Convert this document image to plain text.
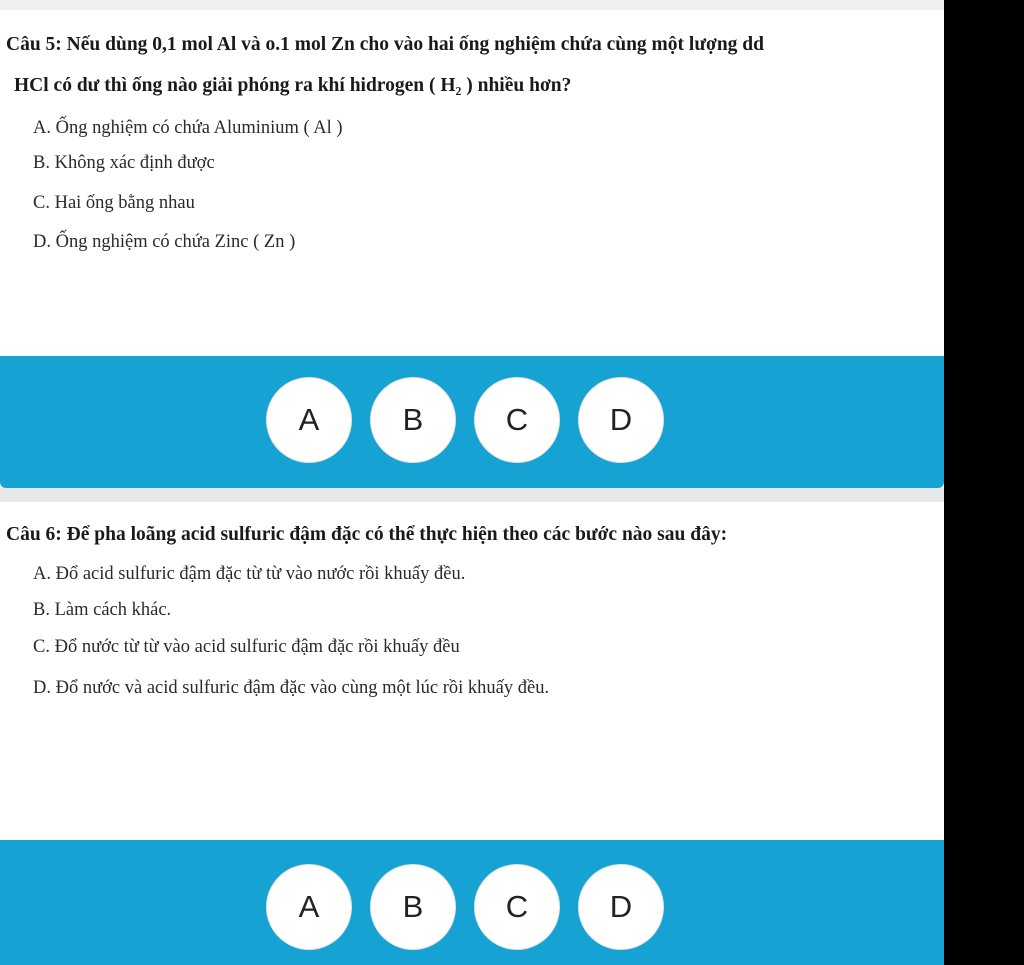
Câu 5: Nếu dùng 0,1 mol Al và o.1 mol Zn cho vào hai ống nghiệm chứa cùng một lượng dd
HCl có dư thì ống nào giải phóng ra khí hidrogen ( H₂ ) nhiều hơn?
A. Ống nghiệm có chứa Aluminium ( Al )
B. Không xác định được
C. Hai ống bằng nhau
D. Ống nghiệm có chứa Zinc ( Zn )
A	B	C	D
Câu 6: Để pha loãng acid sulfuric đậm đặc có thể thực hiện theo các bước nào sau đây:
A. Đổ acid sulfuric đậm đặc từ từ vào nước rồi khuấy đều.
B. Làm cách khác.
C. Đổ nước từ từ vào acid sulfuric đậm đặc rồi khuấy đều
D. Đổ nước và acid sulfuric đậm đặc vào cùng một lúc rồi khuấy đều.
A	B	C	D
